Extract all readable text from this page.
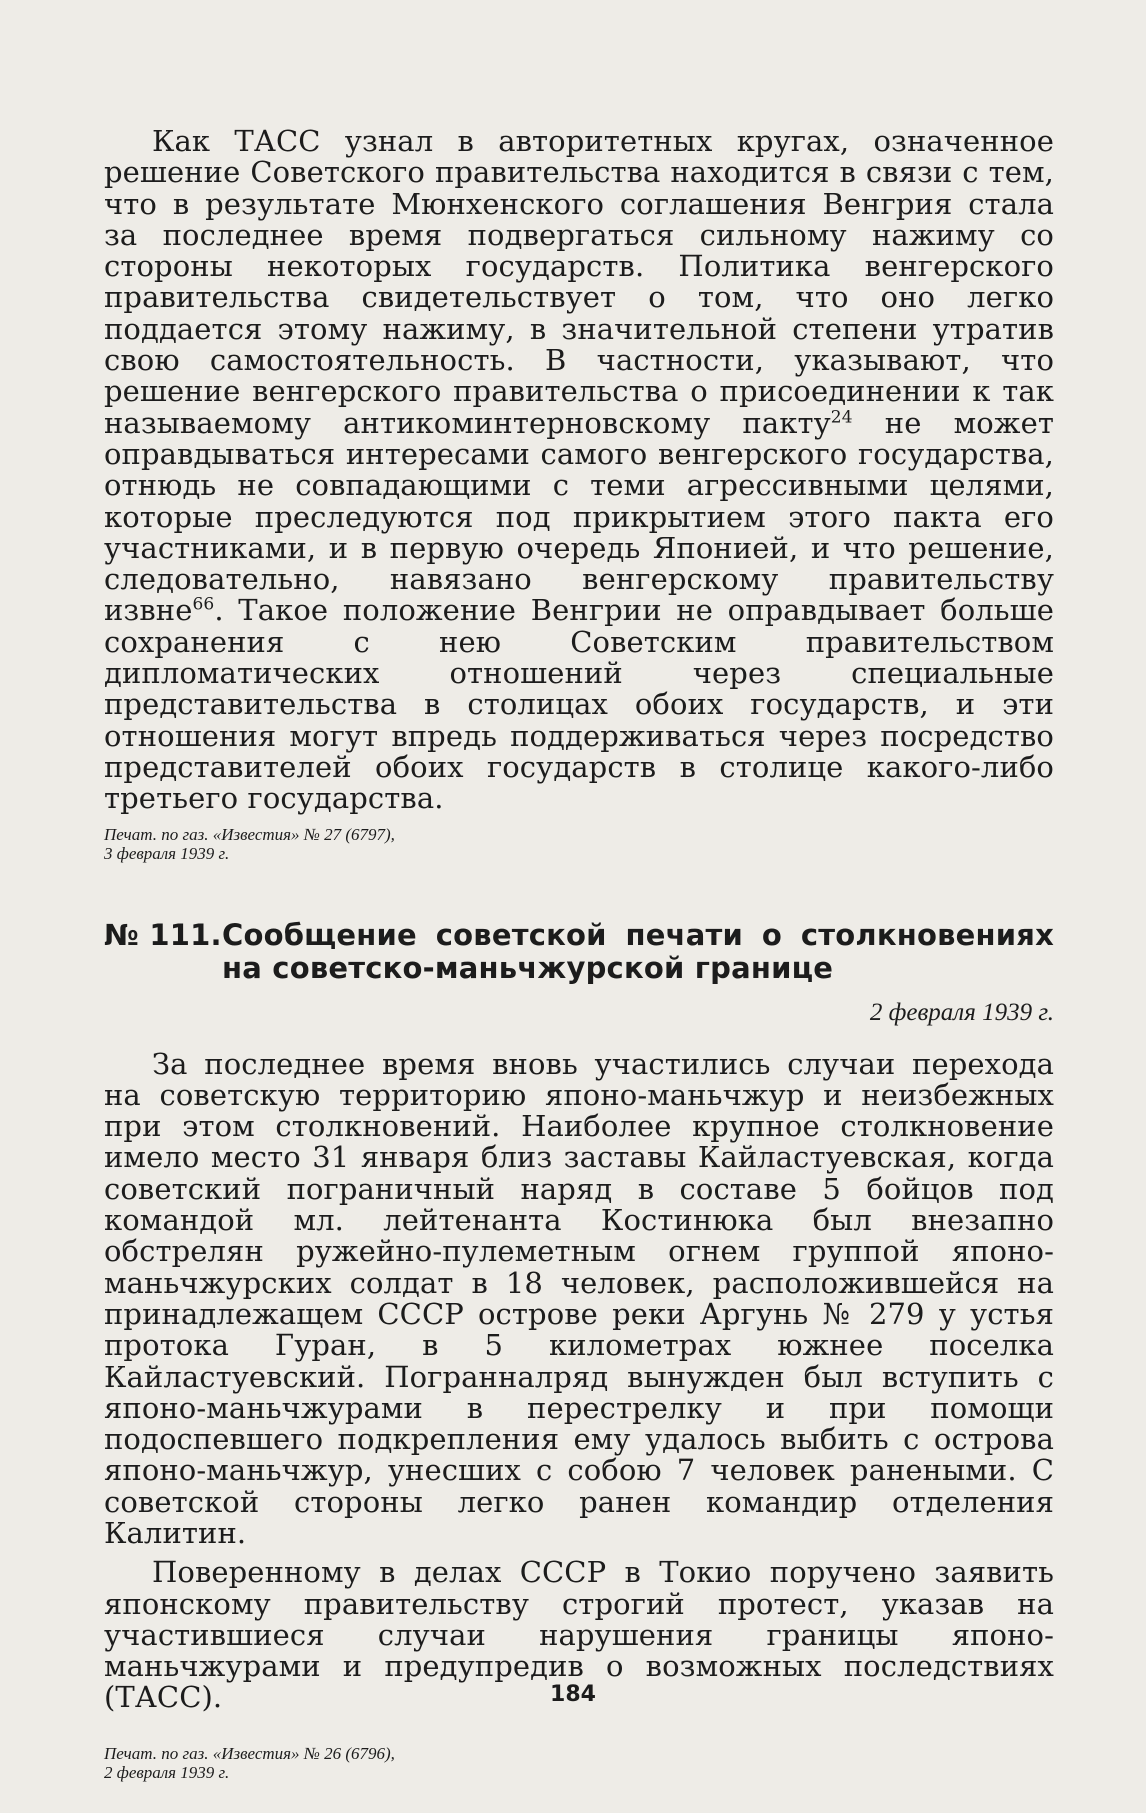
Как ТАСС узнал в авторитетных кругах, означенное решение Советского правительства находится в связи с тем, что в результате Мюнхенского соглашения Венгрия стала за последнее время подвергаться сильному нажиму со стороны некоторых государств. Политика венгерского правительства свидетельствует о том, что оно легко поддается этому нажиму, в значительной степени утратив свою самостоятельность. В частности, указывают, что решение венгерского правительства о присоединении к так называемому антикоминтерновскому пакту$^{24}$ не может оправдываться интересами самого венгерского государства, отнюдь не совпадающими с теми агрессивными целями, которые преследуются под прикрытием этого пакта его участниками, и в первую очередь Японией, и что решение, следовательно, навязано венгерскому правительству извне$^{66}$. Такое положение Венгрии не оправдывает больше сохранения с нею Советским правительством дипломатических отношений через специальные представительства в столицах обоих государств, и эти отношения могут впредь поддерживаться через посредство представителей обоих государств в столице какого-либо третьего государства.

Печат. по газ. «Известия» № 27 (6797),
3 февраля 1939 г.
№ 111. Сообщение советской печати о столкновениях на советско-маньчжурской границе
2 февраля 1939 г.

За последнее время вновь участились случаи перехода на советскую территорию японо-маньчжур и неизбежных при этом столкновений. Наиболее крупное столкновение имело место 31 января близ заставы Кайластуевская, когда советский пограничный наряд в составе 5 бойцов под командой мл. лейтенанта Костинюка был внезапно обстрелян ружейно-пулеметным огнем группой японо-маньчжурских солдат в 18 человек, расположившейся на принадлежащем СССР острове реки Аргунь № 279 у устья протока Гуран, в 5 километрах южнее поселка Кайластуевский. Погранналряд вынужден был вступить с японо-маньчжурами в перестрелку и при помощи подоспевшего подкрепления ему удалось выбить с острова японо-маньчжур, унесших с собою 7 человек ранеными. С советской стороны легко ранен командир отделения Калитин.

Поверенному в делах СССР в Токио поручено заявить японскому правительству строгий протест, указав на участившиеся случаи нарушения границы японо-маньчжурами и предупредив о возможных последствиях (ТАСС).

Печат. по газ. «Известия» № 26 (6796),
2 февраля 1939 г.
184
